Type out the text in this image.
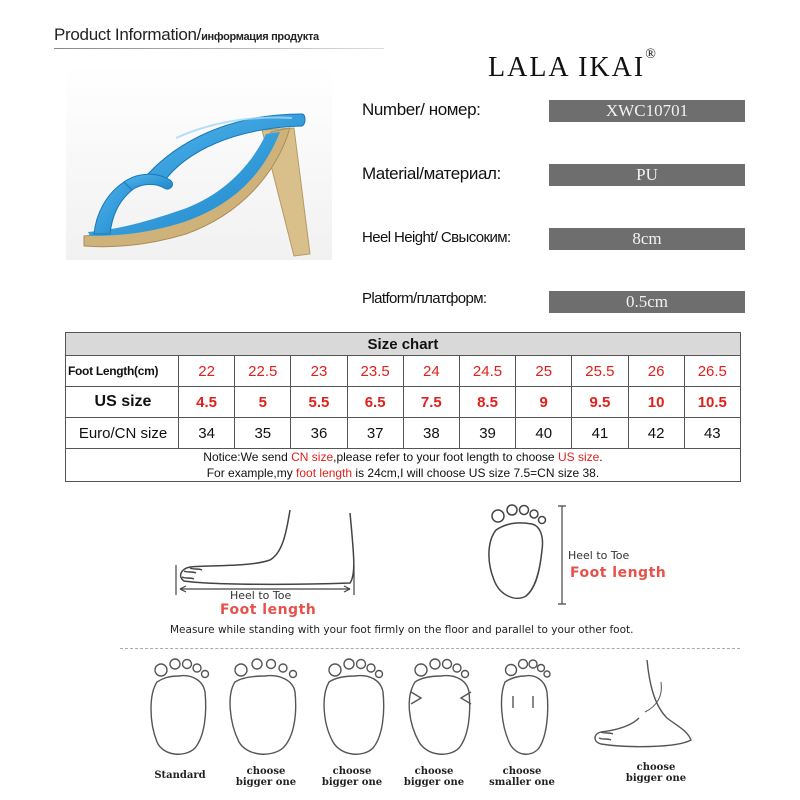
Product Information/информация продукта
LALA IKAI®
Number/ номер:	XWC10701
Material/материал:	PU
Heel Height/ Свысоким:	8cm
Platform/платформ:	0.5cm
Size chart										
Foot Length(cm)	22	22.5	23	23.5	24	24.5	25	25.5	26	26.5
US size	4.5	5	5.5	6.5	7.5	8.5	9	9.5	10	10.5
Euro/CN size	34	35	36	37	38	39	40	41	42	43

Notice:We send CN size,please refer to your foot length to choose US size.
For example,my foot length is 24cm,I will choose US size 7.5=CN size 38.										
Heel to Toe
Foot length
Heel to Toe
Foot length
Measure while standing with your foot firmly on the floor and parallel to your other foot.
Standard	choose
bigger one
choose
bigger one
choose
bigger one
choose
smaller one
choose
bigger one
